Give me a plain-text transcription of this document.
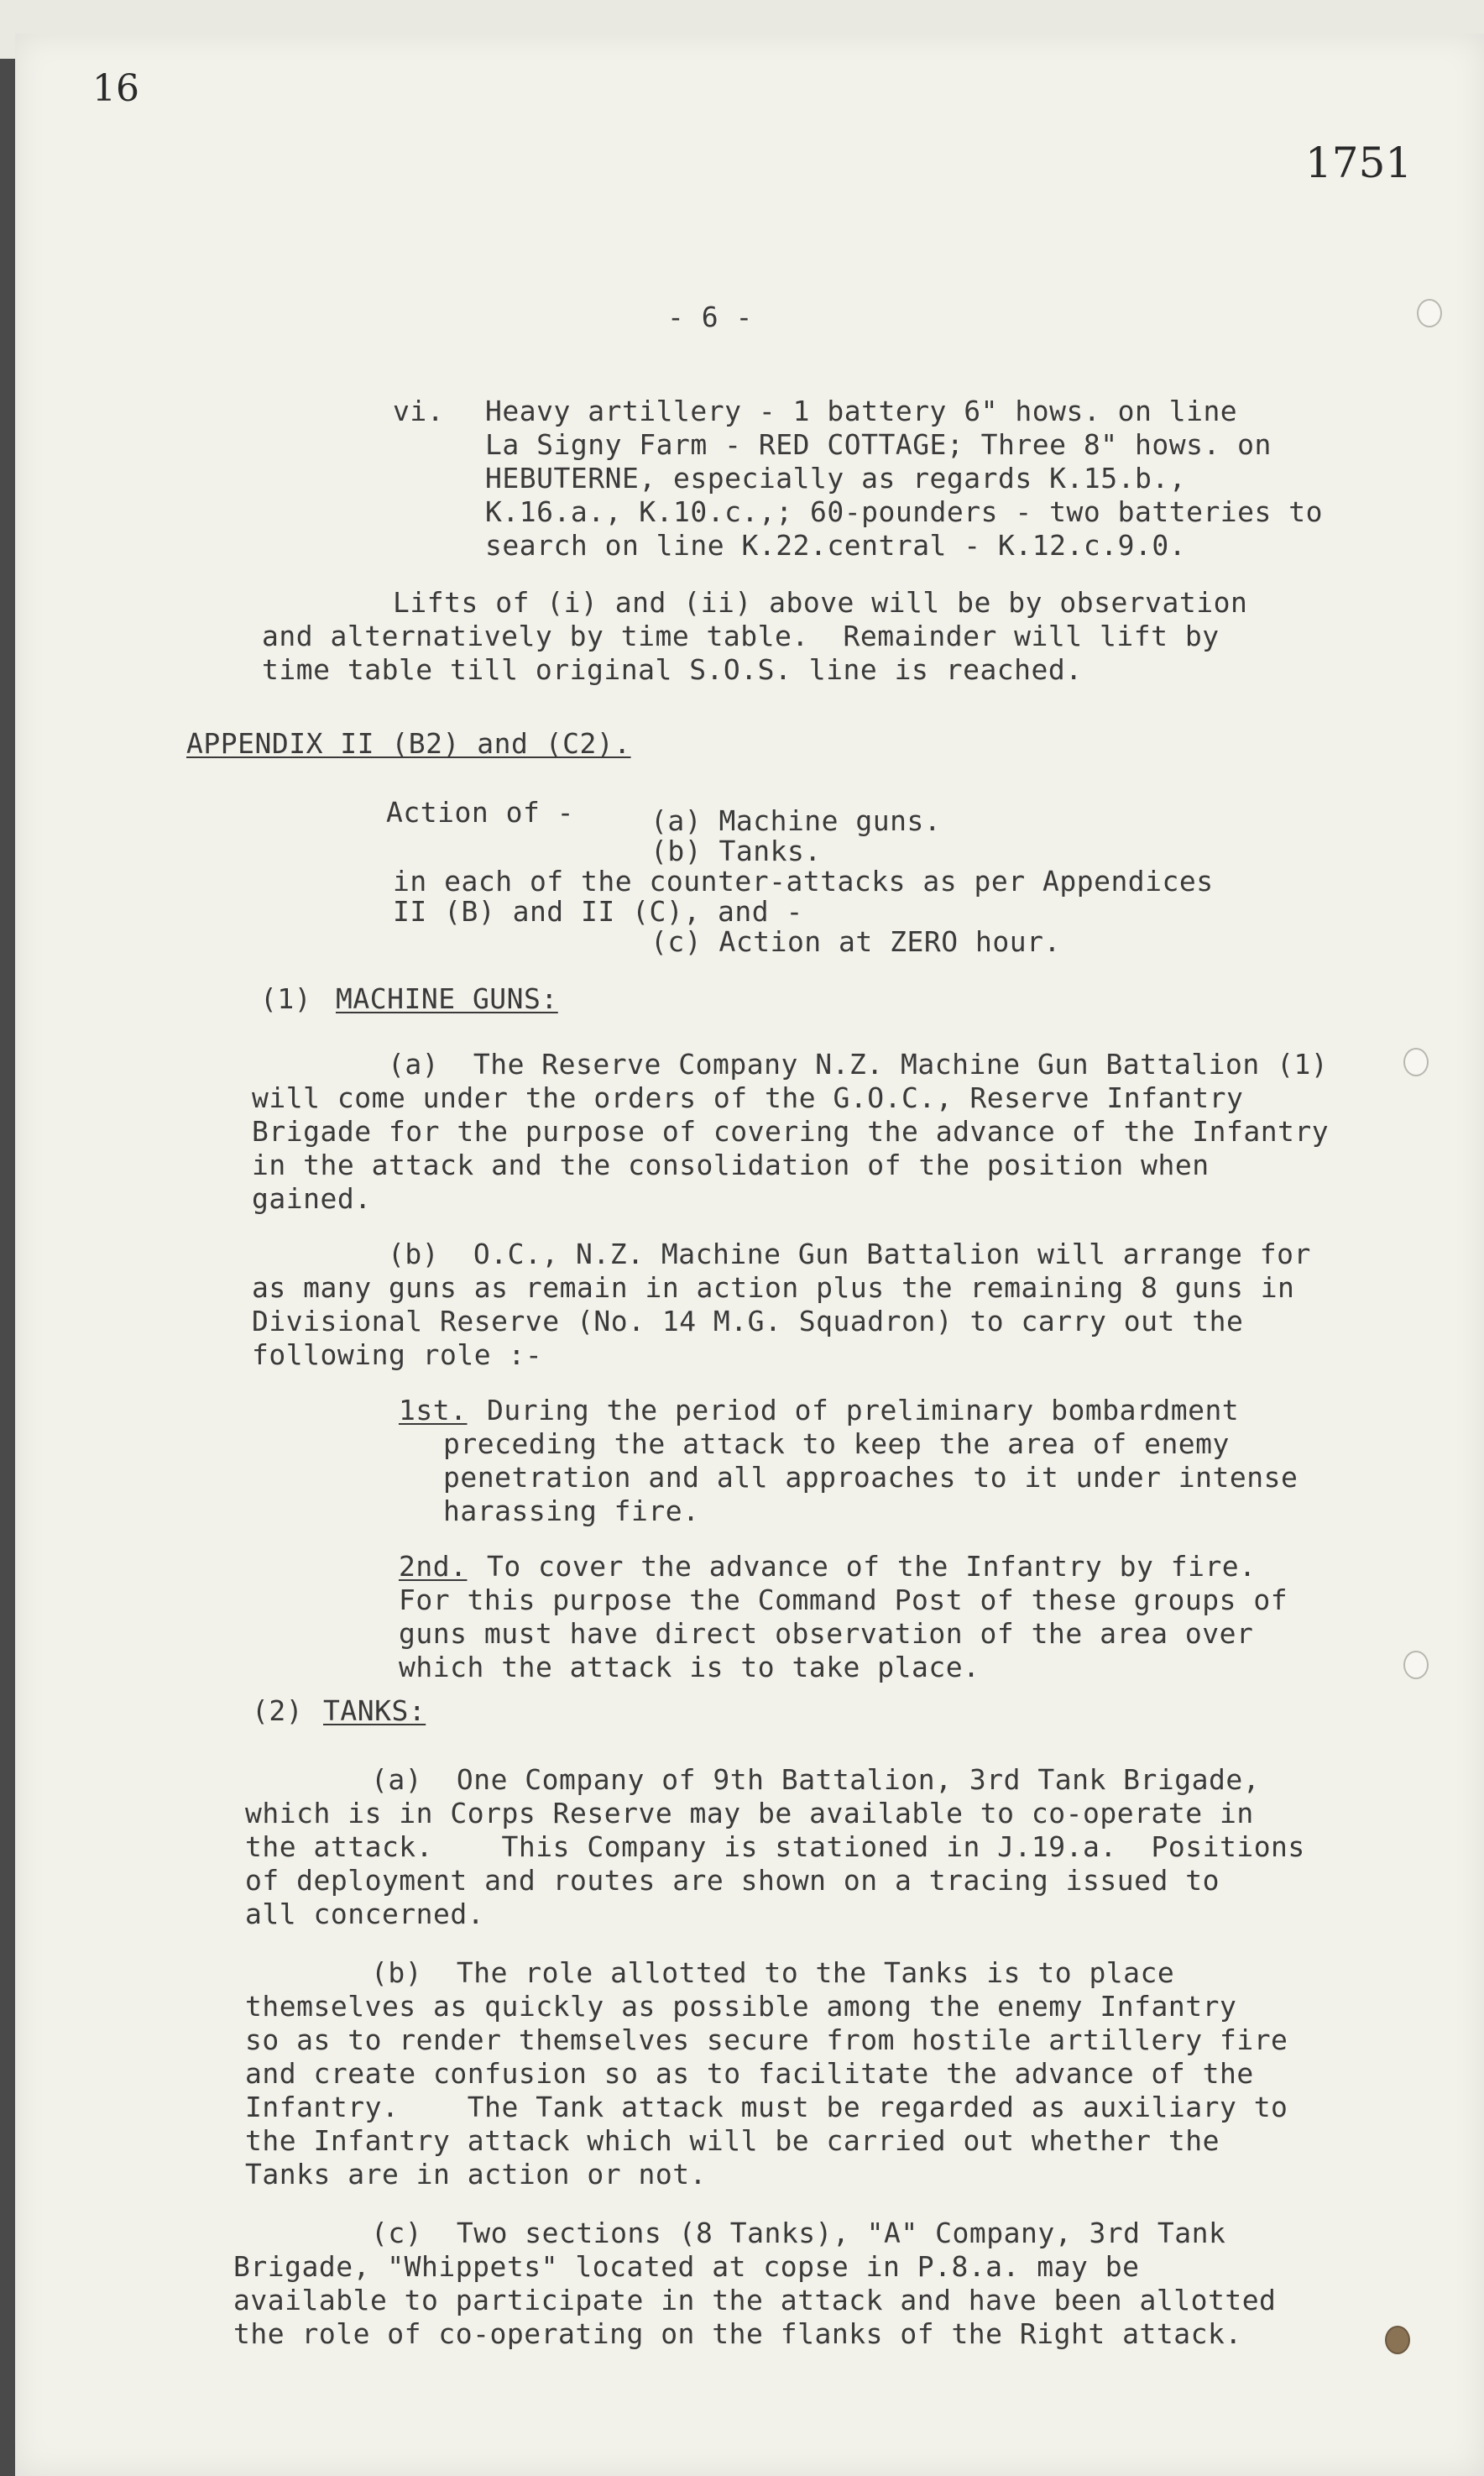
16
1751
- 6 -
vi. Heavy artillery - 1 battery 6" hows. on line
La Signy Farm - RED COTTAGE; Three 8" hows. on
HEBUTERNE, especially as regards K.15.b.,
K.16.a., K.10.c.,; 60-pounders - two batteries to
search on line K.22.central - K.12.c.9.0.
Lifts of (i) and (ii) above will be by observation
and alternatively by time table.  Remainder will lift by
time table till original S.O.S. line is reached.
APPENDIX II (B2) and (C2).
Action of -	(a) Machine guns.
(b) Tanks.
in each of the counter-attacks as per Appendices
II (B) and II (C), and -
(c) Action at ZERO hour.
(1) MACHINE GUNS:
(a)  The Reserve Company N.Z. Machine Gun Battalion (1)
will come under the orders of the G.O.C., Reserve Infantry
Brigade for the purpose of covering the advance of the Infantry
in the attack and the consolidation of the position when
gained.
(b)  O.C., N.Z. Machine Gun Battalion will arrange for
as many guns as remain in action plus the remaining 8 guns in
Divisional Reserve (No. 14 M.G. Squadron) to carry out the
following role :-
1st. During the period of preliminary bombardment
preceding the attack to keep the area of enemy
penetration and all approaches to it under intense
harassing fire.
2nd. To cover the advance of the Infantry by fire.
For this purpose the Command Post of these groups of
guns must have direct observation of the area over
which the attack is to take place.
(2) TANKS:
(a)  One Company of 9th Battalion, 3rd Tank Brigade,
which is in Corps Reserve may be available to co-operate in
the attack.    This Company is stationed in J.19.a.  Positions
of deployment and routes are shown on a tracing issued to
all concerned.
(b)  The role allotted to the Tanks is to place
themselves as quickly as possible among the enemy Infantry
so as to render themselves secure from hostile artillery fire
and create confusion so as to facilitate the advance of the
Infantry.    The Tank attack must be regarded as auxiliary to
the Infantry attack which will be carried out whether the
Tanks are in action or not.
(c)  Two sections (8 Tanks), "A" Company, 3rd Tank
Brigade, "Whippets" located at copse in P.8.a. may be
available to participate in the attack and have been allotted
the role of co-operating on the flanks of the Right attack.
